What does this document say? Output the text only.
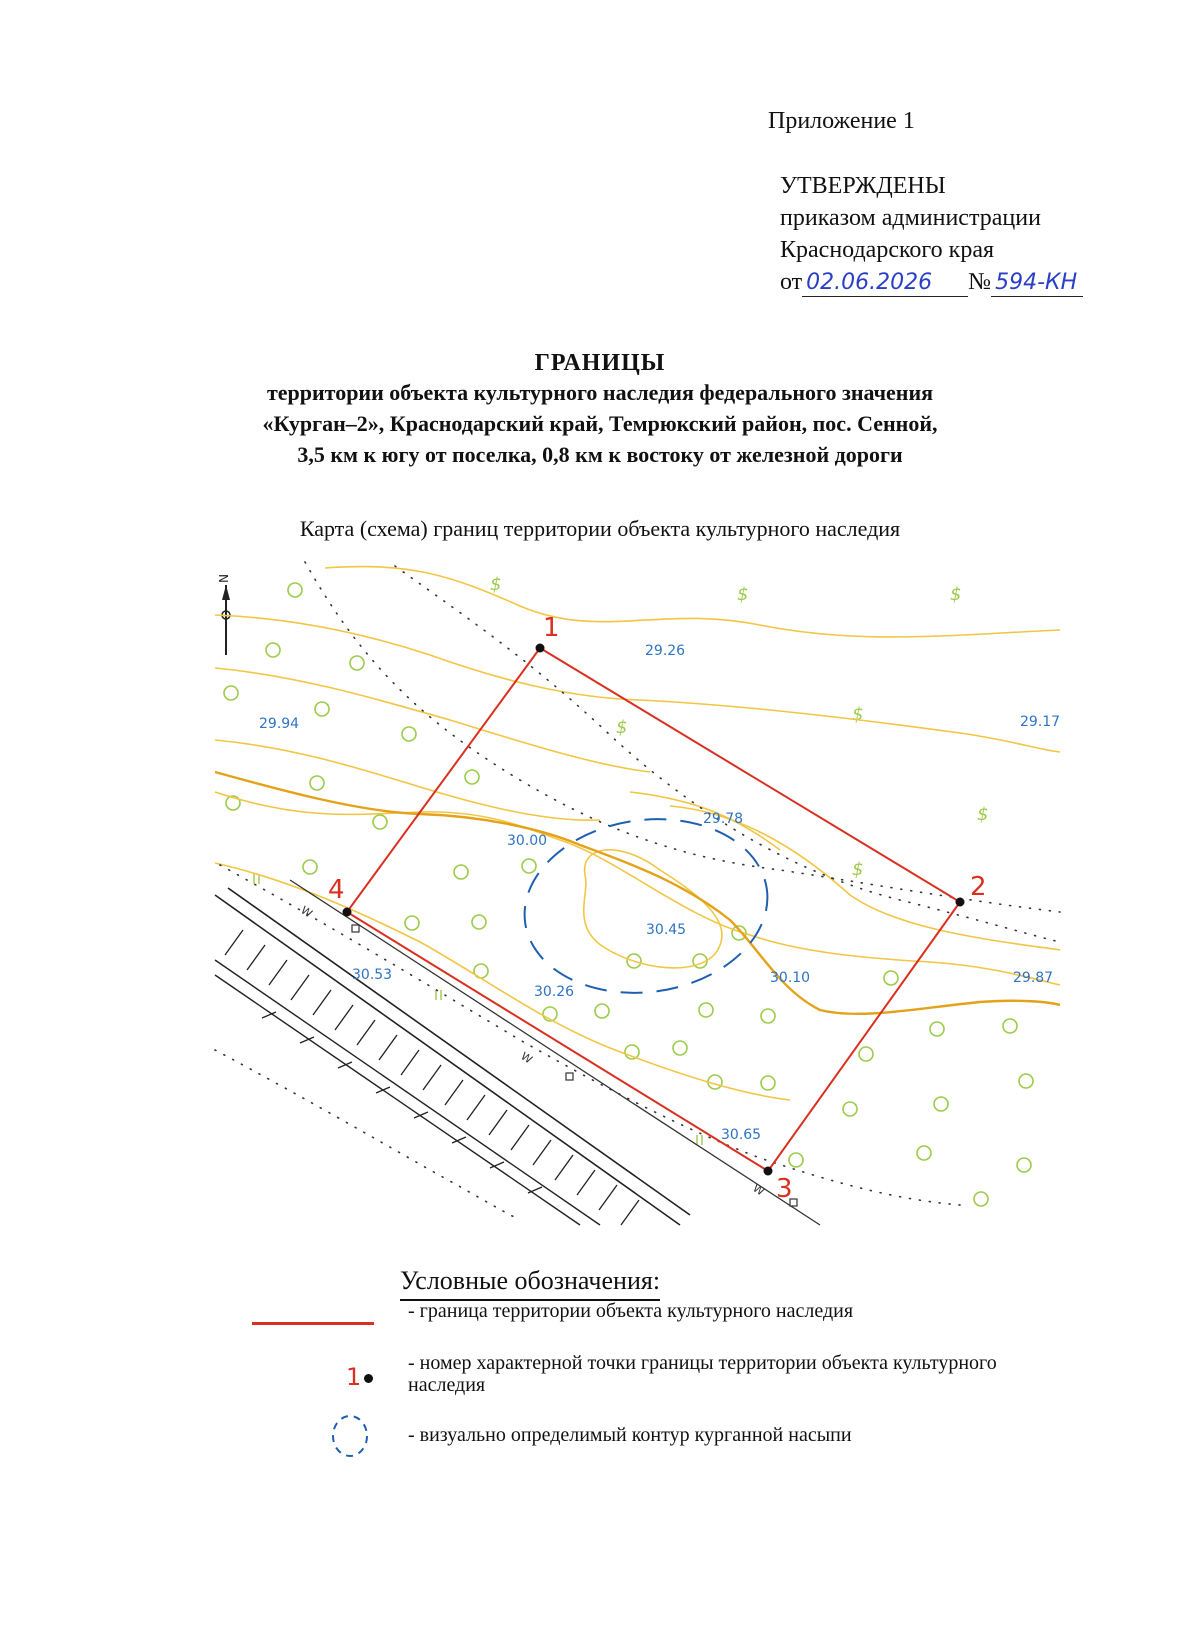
Приложение 1
УТВЕРЖДЕНЫ
приказом администрации
Краснодарского края
от 02.06.2026 № 594-КН
ГРАНИЦЫ
территории объекта культурного наследия федерального значения
«Курган–2», Краснодарский край, Темрюкский район, пос. Сенной,
3,5 км к югу от поселка, 0,8 км к востоку от железной дороги
Карта (схема) границ территории объекта культурного наследия
N	$	$	$
$
$
$
$
W
W
W
1
2
3
4
29.26
29.94	29.17
29.78
30.00
30.45
30.53	30.10	29.87
30.26
30.65
Условные обозначения:
- граница территории объекта культурного наследия
1	- номер характерной точки границы территории объекта культурного наследия
- визуально определимый контур курганной насыпи
